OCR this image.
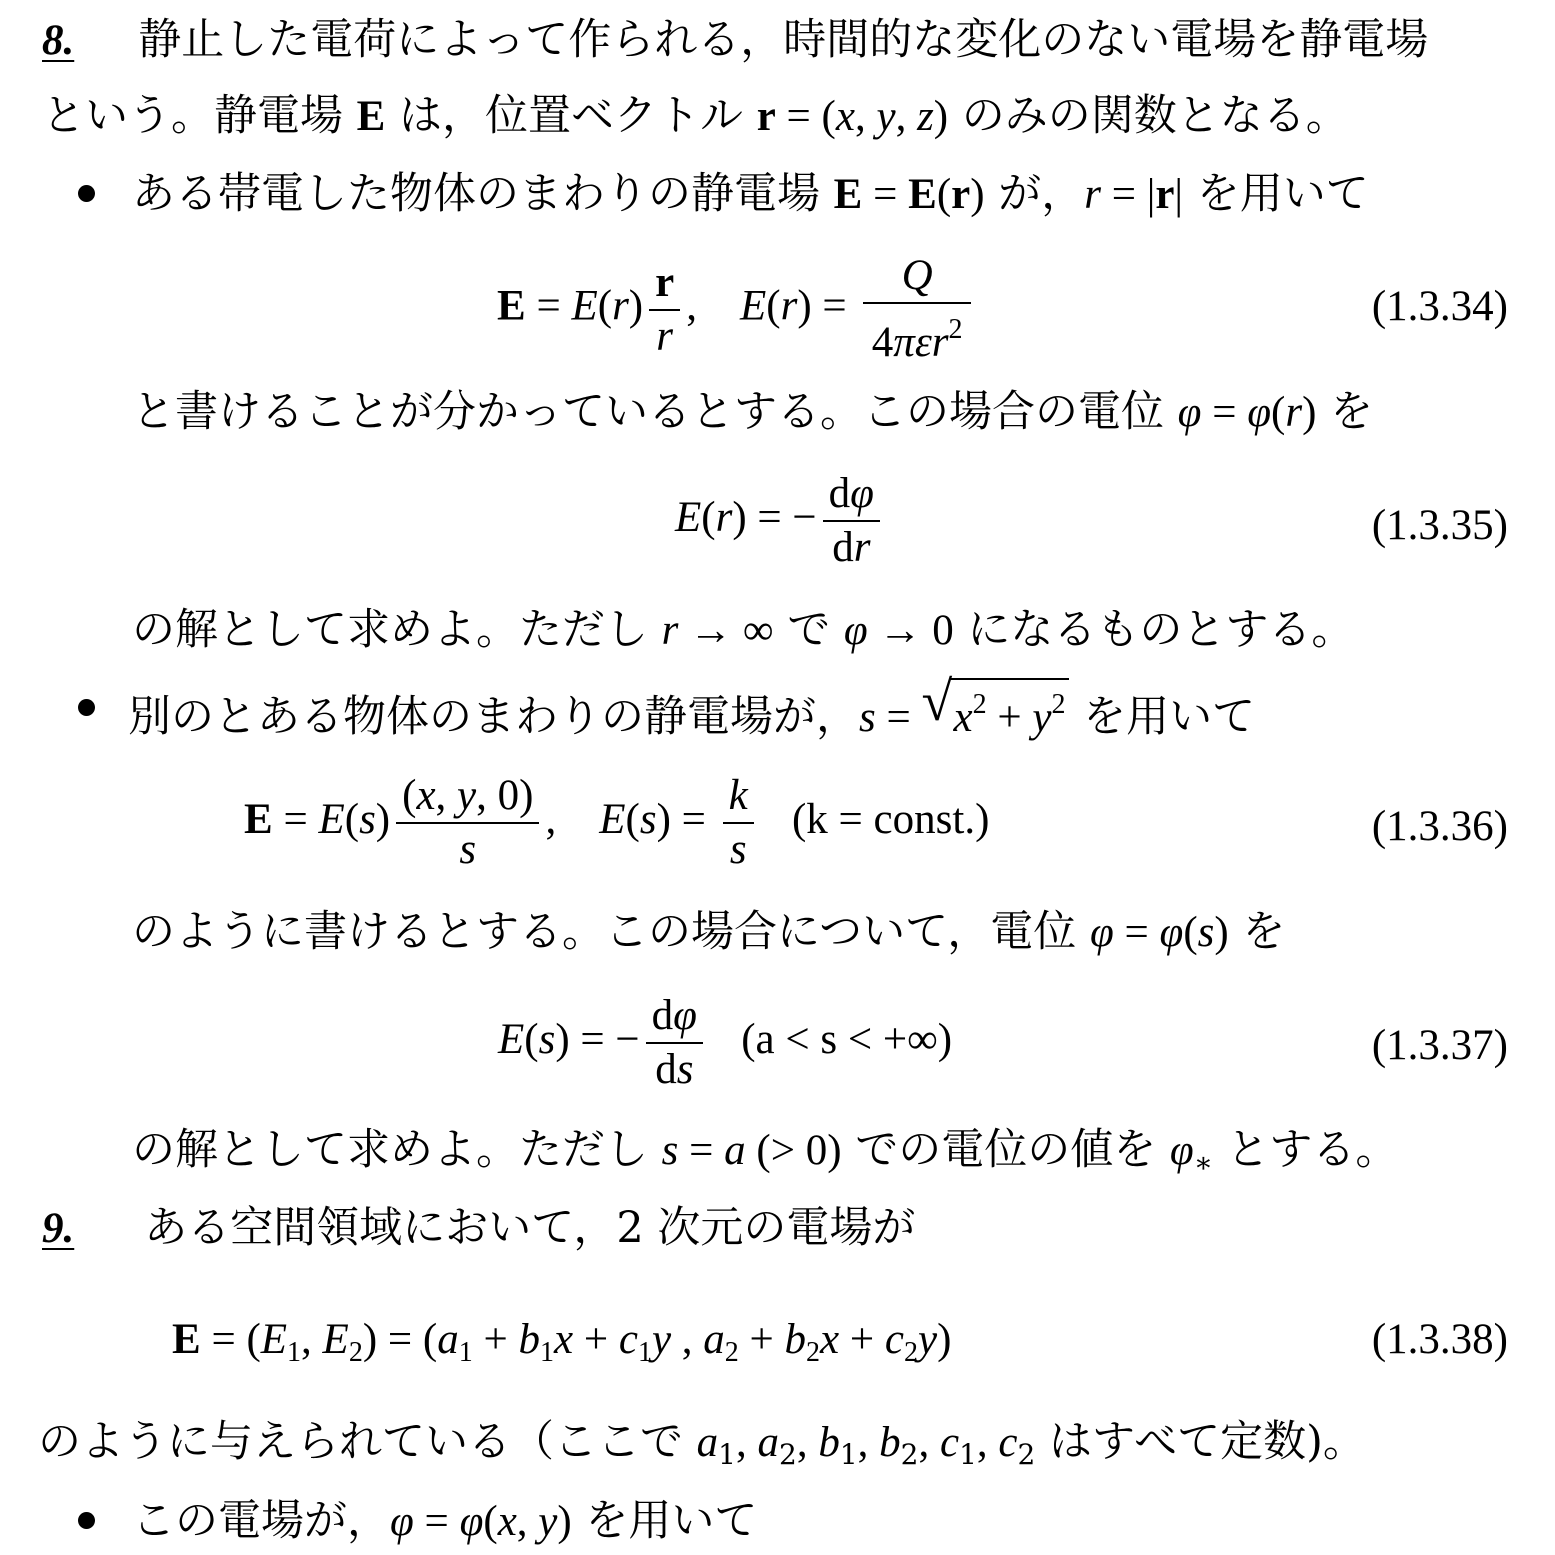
8. 静止した電荷によって作られる，時間的な変化のない電場を静電場
という。静電場 E は，位置ベクトル r = (x, y, z) のみの関数となる。
ある帯電した物体のまわりの静電場 E = E(r) が，r = |r| を用いて
$E = E(r) \frac{r}{r}$ ,    $E(r) = \frac{Q}{4\pi\varepsilon r^2}$	(1.3.34)
と書けることが分かっているとする。この場合の電位 φ = φ(r) を
E(r) = − $\frac{d\varphi}{dr}$	(1.3.35)
の解として求めよ。ただし r → ∞ で φ → 0 になるものとする。
別のとある物体のまわりの静電場が，s = √ $x^2 + y^2$ を用いて
$E = E(s) \frac{(x, y, 0)}{s}$ ,    $E(s) = \frac{k}{s} (k$ = const.)	(1.3.36)
のように書けるとする。この場合について，電位 φ = φ(s) を
E(s) = − $\frac{d\varphi}{ds} (a < s$ < +∞)	(1.3.37)
の解として求めよ。ただし s = a (> 0) での電位の値を $\varphi_∗$ とする。
9. ある空間領域において，2 次元の電場が
$E = (E_1$, $E_2) = (a_1 + b_1x + c_1y$ , $a_2 + b_2x + c_2y$)	(1.3.38)
のように与えられている（ここで $a_1$, $a_2$, $b_1$, $b_2$, $c_1$, $c_2$ はすべて定数)。
この電場が，φ = φ(x, y) を用いて
